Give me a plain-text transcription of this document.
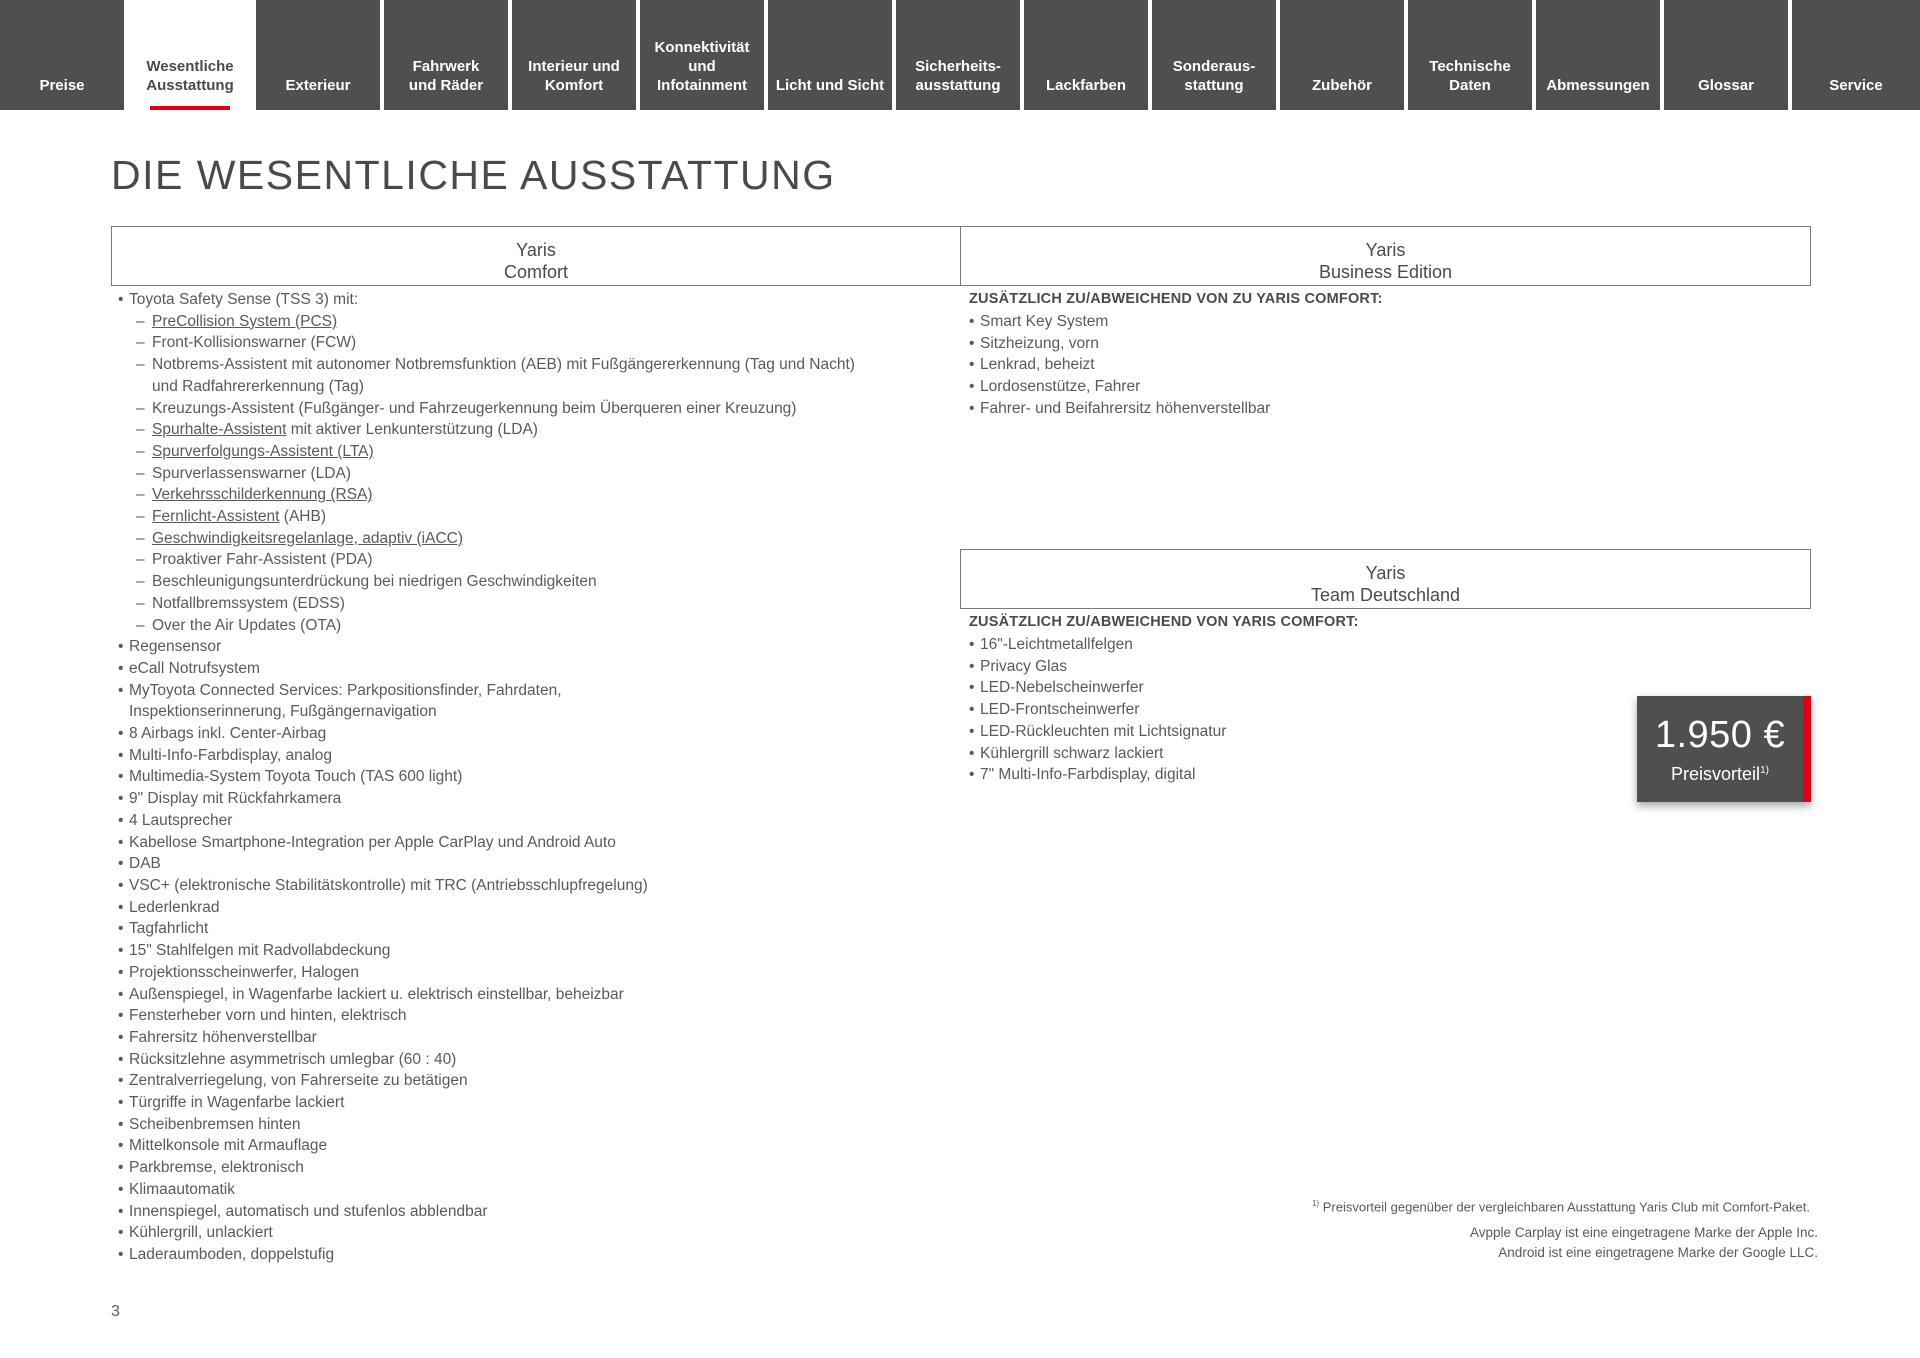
Preise
Wesentliche
Ausstattung	Exterieur
Fahrwerk
und Räder
Interieur und
Komfort
Konnektivität
und
Infotainment Licht und Sicht
Sicherheits-
ausstattung	Lackfarben
Sonderaus-
stattung	Zubehör
Technische
Daten	Abmessungen	Glossar	Service
DIE WESENTLICHE AUSSTATTUNG
Yaris
Comfort
Yaris
Business Edition
• Toyota Safety Sense (TSS 3) mit:
– PreCollision System (PCS)
– Front-Kollisionswarner (FCW)
– Notbrems-Assistent mit autonomer Notbremsfunktion (AEB) mit Fußgängererkennung (Tag und Nacht)
und Radfahrererkennung (Tag)
– Kreuzungs-Assistent (Fußgänger- und Fahrzeugerkennung beim Überqueren einer Kreuzung)
– Spurhalte-Assistent mit aktiver Lenkunterstützung (LDA)
– Spurverfolgungs-Assistent (LTA)
– Spurverlassenswarner (LDA)
– Verkehrsschilderkennung (RSA)
– Fernlicht-Assistent (AHB)
– Geschwindigkeitsregelanlage, adaptiv (iACC)
– Proaktiver Fahr-Assistent (PDA)
– Beschleunigungsunterdrückung bei niedrigen Geschwindigkeiten
– Notfallbremssystem (EDSS)
– Over the Air Updates (OTA)
• Regensensor
• eCall Notrufsystem
• MyToyota Connected Services: Parkpositionsfinder, Fahrdaten,
Inspektionserinnerung, Fußgängernavigation
• 8 Airbags inkl. Center-Airbag
• Multi-Info-Farbdisplay, analog
• Multimedia-System Toyota Touch (TAS 600 light)
• 9" Display mit Rückfahrkamera
• 4 Lautsprecher
• Kabellose Smartphone-Integration per Apple CarPlay und Android Auto
• DAB
• VSC+ (elektronische Stabilitätskontrolle) mit TRC (Antriebsschlupfregelung)
• Lederlenkrad
• Tagfahrlicht
• 15" Stahlfelgen mit Radvollabdeckung
• Projektionsscheinwerfer, Halogen
• Außenspiegel, in Wagenfarbe lackiert u. elektrisch einstellbar, beheizbar
• Fensterheber vorn und hinten, elektrisch
• Fahrersitz höhenverstellbar
• Rücksitzlehne asymmetrisch umlegbar (60 : 40)
• Zentralverriegelung, von Fahrerseite zu betätigen
• Türgriffe in Wagenfarbe lackiert
• Scheibenbremsen hinten
• Mittelkonsole mit Armauflage
• Parkbremse, elektronisch
• Klimaautomatik
• Innenspiegel, automatisch und stufenlos abblendbar
• Kühlergrill, unlackiert
• Laderaumboden, doppelstufig
ZUSÄTZLICH ZU/ABWEICHEND VON ZU YARIS COMFORT:
• Smart Key System
• Sitzheizung, vorn
• Lenkrad, beheizt
• Lordosenstütze, Fahrer
• Fahrer- und Beifahrersitz höhenverstellbar
Yaris
Team Deutschland
ZUSÄTZLICH ZU/ABWEICHEND VON YARIS COMFORT:
• 16"-Leichtmetallfelgen
• Privacy Glas
• LED-Nebelscheinwerfer
• LED-Frontscheinwerfer
• LED-Rückleuchten mit Lichtsignatur
• Kühlergrill schwarz lackiert
• 7" Multi-Info-Farbdisplay, digital
1.950 €
Preisvorteil$^{1)}$
$^{1)}$ Preisvorteil gegenüber der vergleichbaren Ausstattung Yaris Club mit Comfort-Paket.
Avpple Carplay ist eine eingetragene Marke der Apple Inc.
Android ist eine eingetragene Marke der Google LLC.
3
